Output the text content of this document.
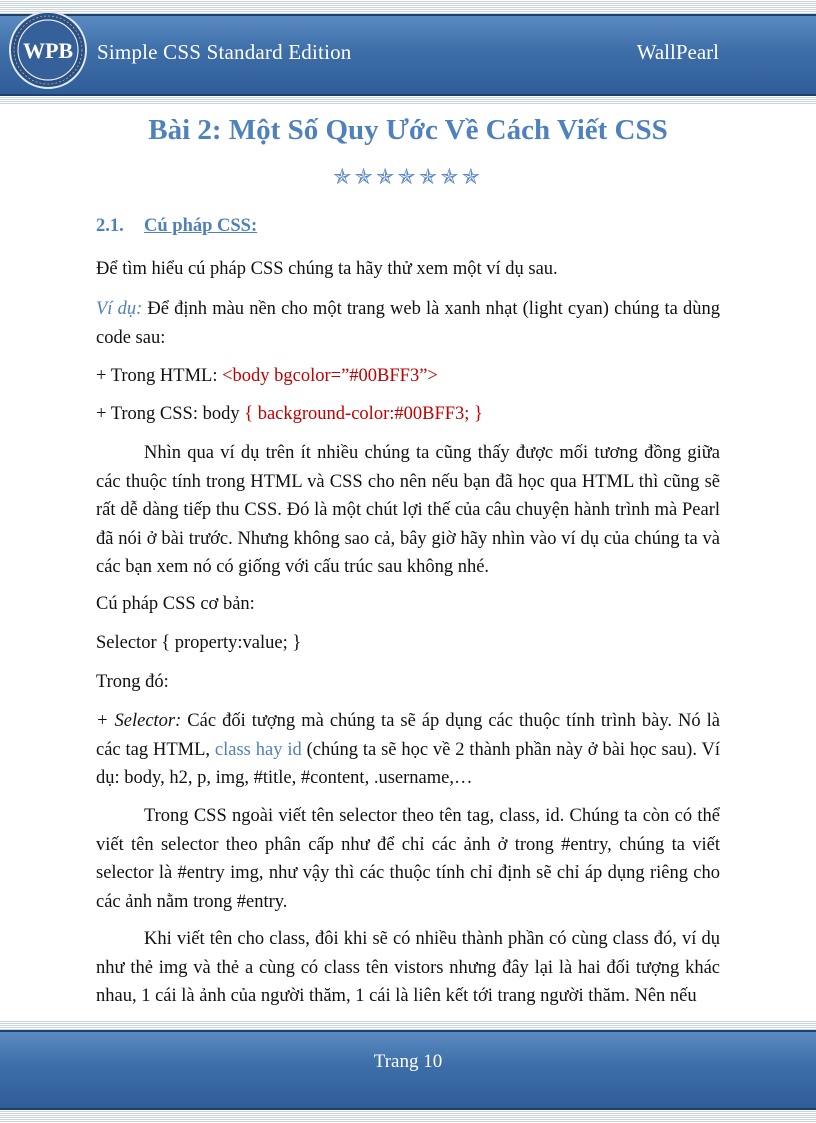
WPB Simple CSS Standard Edition	WallPearl
Bài 2: Một Số Quy Ước Về Cách Viết CSS
✯✯✯✯✯✯✯
2.1. Cú pháp CSS:
Để tìm hiểu cú pháp CSS chúng ta hãy thử xem một ví dụ sau.
Ví dụ: Để định màu nền cho một trang web là xanh nhạt (light cyan) chúng ta dùng code sau:
+ Trong HTML: <body bgcolor=”#00BFF3”>
+ Trong CSS: body { background-color:#00BFF3; }
Nhìn qua ví dụ trên ít nhiều chúng ta cũng thấy được mối tương đồng giữa các thuộc tính trong HTML và CSS cho nên nếu bạn đã học qua HTML thì cũng sẽ rất dễ dàng tiếp thu CSS. Đó là một chút lợi thế của câu chuyện hành trình mà Pearl đã nói ở bài trước. Nhưng không sao cả, bây giờ hãy nhìn vào ví dụ của chúng ta và các bạn xem nó có giống với cấu trúc sau không nhé.
Cú pháp CSS cơ bản:
Selector { property:value; }
Trong đó:
+ Selector: Các đối tượng mà chúng ta sẽ áp dụng các thuộc tính trình bày. Nó là các tag HTML, class hay id (chúng ta sẽ học về 2 thành phần này ở bài học sau). Ví dụ: body, h2, p, img, #title, #content, .username,…
Trong CSS ngoài viết tên selector theo tên tag, class, id. Chúng ta còn có thể viết tên selector theo phân cấp như để chỉ các ảnh ở trong #entry, chúng ta viết selector là #entry img, như vậy thì các thuộc tính chỉ định sẽ chỉ áp dụng riêng cho các ảnh nằm trong #entry.
Khi viết tên cho class, đôi khi sẽ có nhiều thành phần có cùng class đó, ví dụ như thẻ img và thẻ a cùng có class tên vistors nhưng đây lại là hai đối tượng khác nhau, 1 cái là ảnh của người thăm, 1 cái là liên kết tới trang người thăm. Nên nếu
Trang 10
